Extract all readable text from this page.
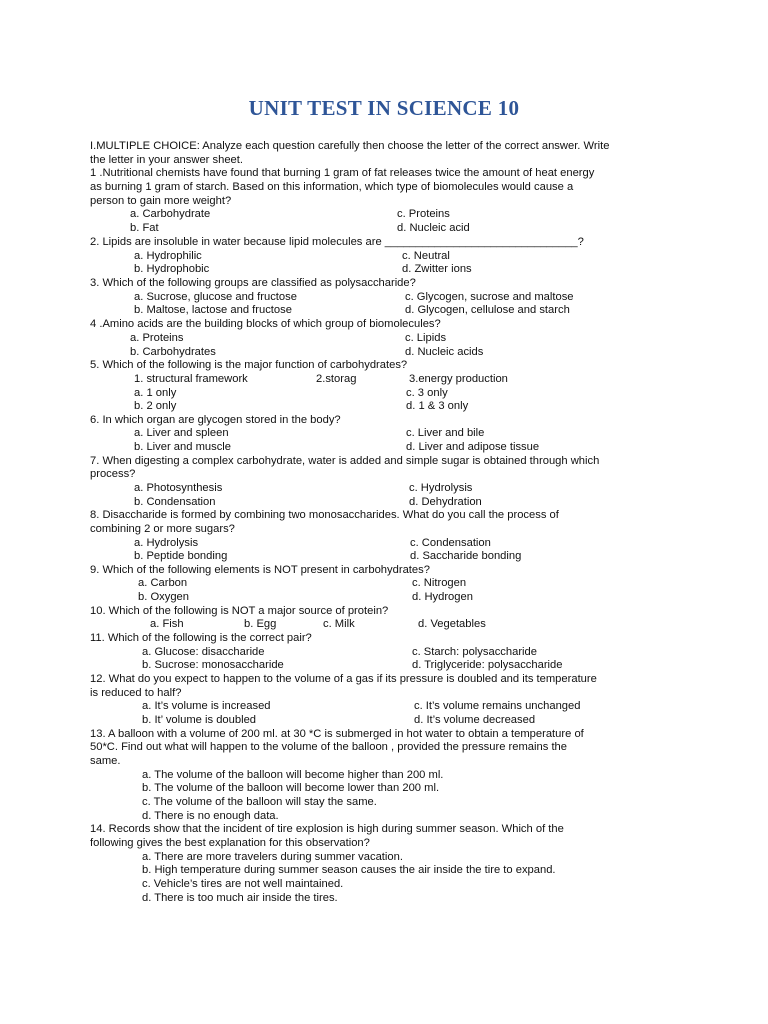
UNIT TEST IN SCIENCE 10
I.MULTIPLE CHOICE: Analyze each question carefully then choose the letter of the correct answer. Write
the letter in your answer sheet.
1 .Nutritional chemists have found that burning 1 gram of fat releases twice the amount of heat energy
as burning 1 gram of starch. Based on this information, which type of biomolecules would cause a
person to gain more weight?
a. Carbohydrate	c. Proteins
b. Fat	d. Nucleic acid
2. Lipids are insoluble in water because lipid molecules are _______________________________?
a. Hydrophilic	c. Neutral
b. Hydrophobic	d. Zwitter ions
3. Which of the following groups are classified as polysaccharide?
a. Sucrose, glucose and fructose	c. Glycogen, sucrose and maltose
b. Maltose, lactose and fructose	d. Glycogen, cellulose and starch
4 .Amino acids are the building blocks of which group of biomolecules?
a. Proteins	c. Lipids
b. Carbohydrates	d. Nucleic acids
5. Which of the following is the major function of carbohydrates?
1. structural framework	2.storag	3.energy production
a. 1 only	c. 3 only
b. 2 only	d. 1 & 3 only
6. In which organ are glycogen stored in the body?
a. Liver and spleen	c. Liver and bile
b. Liver and muscle	d. Liver and adipose tissue
7. When digesting a complex carbohydrate, water is added and simple sugar is obtained through which
process?
a. Photosynthesis	c. Hydrolysis
b. Condensation	d. Dehydration
8. Disaccharide is formed by combining two monosaccharides. What do you call the process of
combining 2 or more sugars?
a. Hydrolysis	c. Condensation
b. Peptide bonding	d. Saccharide bonding
9. Which of the following elements is NOT present in carbohydrates?
a. Carbon	c. Nitrogen
b. Oxygen	d. Hydrogen
10. Which of the following is NOT a major source of protein?
a. Fish	b. Egg	c. Milk	d. Vegetables
11. Which of the following is the correct pair?
a. Glucose: disaccharide	c. Starch: polysaccharide
b. Sucrose: monosaccharide	d. Triglyceride: polysaccharide
12. What do you expect to happen to the volume of a gas if its pressure is doubled and its temperature
is reduced to half?
a. It’s volume is increased	c. It’s volume remains unchanged
b. It’ volume is doubled	d. It’s volume decreased
13. A balloon with a volume of 200 ml. at 30 *C is submerged in hot water to obtain a temperature of
50*C. Find out what will happen to the volume of the balloon , provided the pressure remains the
same.
a. The volume of the balloon will become higher than 200 ml.
b. The volume of the balloon will become lower than 200 ml.
c. The volume of the balloon will stay the same.
d. There is no enough data.
14. Records show that the incident of tire explosion is high during summer season. Which of the
following gives the best explanation for this observation?
a. There are more travelers during summer vacation.
b. High temperature during summer season causes the air inside the tire to expand.
c. Vehicle’s tires are not well maintained.
d. There is too much air inside the tires.
